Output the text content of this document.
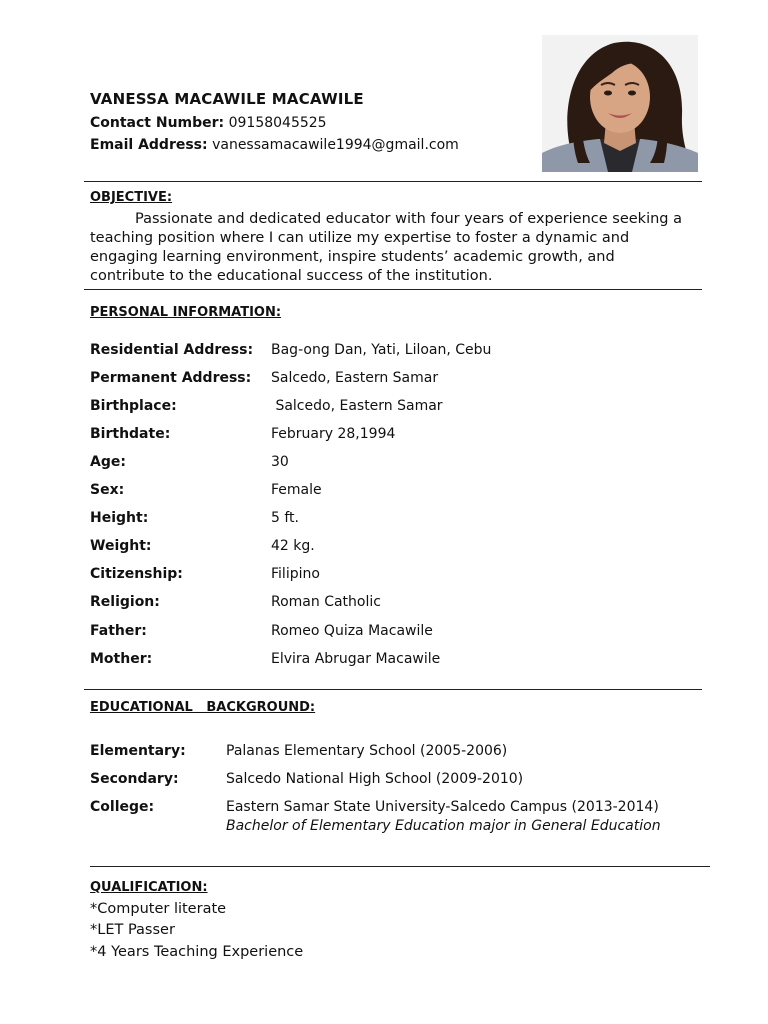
VANESSA MACAWILE MACAWILE
Contact Number: 09158045525
Email Address: vanessamacawile1994@gmail.com
OBJECTIVE:
Passionate and dedicated educator with four years of experience seeking a teaching position where I can utilize my expertise to foster a dynamic and engaging learning environment, inspire students’ academic growth, and contribute to the educational success of the institution.
PERSONAL INFORMATION:
Residential Address: Bag-ong Dan, Yati, Liloan, Cebu
Permanent Address: Salcedo, Eastern Samar
Birthplace:	Salcedo, Eastern Samar
Birthdate:	February 28,1994
Age:	30
Sex:	Female
Height:	5 ft.
Weight:	42 kg.
Citizenship:	Filipino
Religion:	Roman Catholic
Father:	Romeo Quiza Macawile
Mother:	Elvira Abrugar Macawile
EDUCATIONAL   BACKGROUND:
Elementary:	Palanas Elementary School (2005-2006)
Secondary:	Salcedo National High School (2009-2010)
College:	Eastern Samar State University-Salcedo Campus (2013-2014)
Bachelor of Elementary Education major in General Education
QUALIFICATION:
*Computer literate
*LET Passer
*4 Years Teaching Experience
